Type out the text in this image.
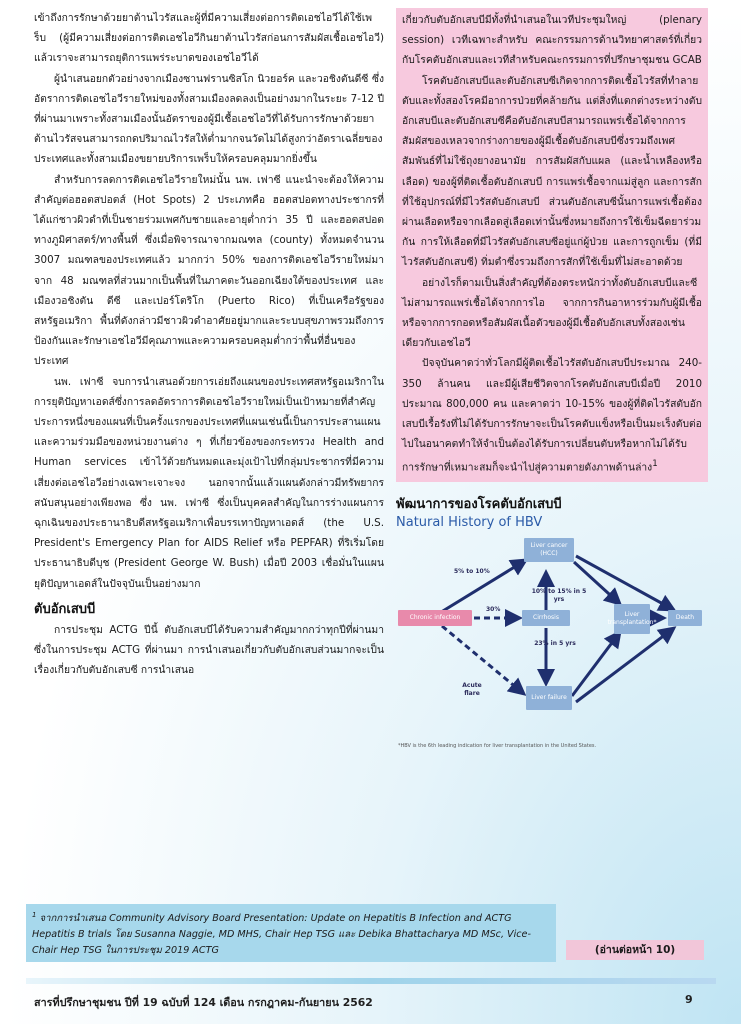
เข้าถึงการรักษาด้วยยาต้านไวรัสและผู้ที่มีความเสี่ยงต่อการติดเอชไอวีได้ใช้เพร็บ (ผู้มีความเสี่ยงต่อการติดเอชไอวีกินยาต้านไวรัสก่อนการสัมผัสเชื้อเอชไอวี) แล้วเราจะสามารถยุติการแพร่ระบาดของเอชไอวีได้

ผู้นำเสนอยกตัวอย่างจากเมืองซานฟรานซิสโก นิวยอร์ค และวอชิงตันดีซี ซึ่งอัตราการติดเอชไอวีรายใหม่ของทั้งสามเมืองลดลงเป็นอย่างมากในระยะ 7-12 ปีที่ผ่านมาเพราะทั้งสามเมืองนั้นอัตราของผู้มีเชื้อเอชไอวีที่ได้รับการรักษาด้วยยาต้านไวรัสจนสามารถกดปริมาณไวรัสให้ต่ำมากจนวัดไม่ได้สูงกว่าอัตราเฉลี่ยของประเทศและทั้งสามเมืองขยายบริการเพร็บให้ครอบคลุมมากยิ่งขึ้น

สำหรับการลดการติดเอชไอวีรายใหม่นั้น นพ. เฟาซี แนะนำจะต้องให้ความสำคัญต่อฮอตสปอตส์ (Hot Spots) 2 ประเภทคือ ฮอตสปอตทางประชากรที่ได้แก่ชาวผิวดำที่เป็นชายร่วมเพศกับชายและอายุต่ำกว่า 35 ปี และฮอตสปอตทางภูมิศาสตร์/ทางพื้นที่ ซึ่งเมื่อพิจารณาจากมณฑล (county) ทั้งหมดจำนวน 3007 มณฑลของประเทศแล้ว มากกว่า 50% ของการติดเอชไอวีรายใหม่มาจาก 48 มณฑลที่ส่วนมากเป็นพื้นที่ในภาคตะวันออกเฉียงใต้ของประเทศ และเมืองวอชิงตัน ดีซี และเปอร์โตริโก (Puerto Rico) ที่เป็นเครือรัฐของสหรัฐอเมริกา พื้นที่ดังกล่าวมีชาวผิวดำอาศัยอยู่มากและระบบสุขภาพรวมถึงการป้องกันและรักษาเอชไอวีมีคุณภาพและความครอบคลุมต่ำกว่าพื้นที่อื่นของประเทศ

นพ. เฟาซี จบการนำเสนอด้วยการเอ่ยถึงแผนของประเทศสหรัฐอเมริกาในการยุติปัญหาเอดส์ซึ่งการลดอัตราการติดเอชไอวีรายใหม่เป็นเป้าหมายที่สำคัญประการหนึ่งของแผนที่เป็นครั้งแรกของประเทศที่แผนเช่นนี้เป็นการประสานแผนและความร่วมมือของหน่วยงานต่าง ๆ ที่เกี่ยวข้องของกระทรวง Health and Human services เข้าไว้ด้วยกันหมดและมุ่งเป้าไปที่กลุ่มประชากรที่มีความเสี่ยงต่อเอชไอวีอย่างเฉพาะเจาะจง นอกจากนั้นแล้วแผนดังกล่าวมีทรัพยากรสนับสนุนอย่างเพียงพอ ซึ่ง นพ. เฟาซี ซึ่งเป็นบุคคลสำคัญในการร่างแผนการฉุกเฉินของประธานาธิบดีสหรัฐอเมริกาเพื่อบรรเทาปัญหาเอดส์ (the U.S. President's Emergency Plan for AIDS Relief หรือ PEPFAR) ที่ริเริ่มโดยประธานาธิบดีบุช (President George W. Bush) เมื่อปี 2003 เชื่อมั่นในแผนยุติปัญหาเอดส์ในปัจจุบันเป็นอย่างมาก

ตับอักเสบบี

การประชุม ACTG ปีนี้ ตับอักเสบบีได้รับความสำคัญมากกว่าทุกปีที่ผ่านมา ซึ่งในการประชุม ACTG ที่ผ่านมา การนำเสนอเกี่ยวกับตับอักเสบส่วนมากจะเป็นเรื่องเกี่ยวกับตับอักเสบซี การนำเสนอ

เกี่ยวกับตับอักเสบบีมีทั้งที่นำเสนอในเวทีประชุมใหญ่ (plenary session) เวทีเฉพาะสำหรับ คณะกรรมการด้านวิทยาศาสตร์ที่เกี่ยวกับโรคตับอักเสบและเวทีสำหรับคณะกรรมการที่ปรึกษาชุมชน GCAB

โรคตับอักเสบบีและตับอักเสบซีเกิดจากการติดเชื้อไวรัสที่ทำลายตับและทั้งสองโรคมีอาการป่วยที่คล้ายกัน แต่สิ่งที่แตกต่างระหว่างตับอักเสบบีและตับอักเสบซีคือตับอักเสบบีสามารถแพร่เชื้อได้จากการสัมผัสของเหลวจากร่างกายของผู้มีเชื้อตับอักเสบบีซึ่งรวมถึงเพศสัมพันธ์ที่ไม่ใช้ถุงยางอนามัย การสัมผัสกับแผล (และน้ำเหลืองหรือเลือด) ของผู้ที่ติดเชื้อตับอักเสบบี การแพร่เชื้อจากแม่สู่ลูก และการสักที่ใช้อุปกรณ์ที่มีไวรัสตับอักเสบบี ส่วนตับอักเสบซีนั้นการแพร่เชื้อต้องผ่านเลือดหรือจากเลือดสู่เลือดเท่านั้นซึ่งหมายถึงการใช้เข็มฉีดยาร่วมกัน การให้เลือดที่มีไวรัสตับอักเสบซีอยู่แก่ผู้ป่วย และการถูกเข็ม (ที่มีไวรัสตับอักเสบซี) ทิ่มตำซึ่งรวมถึงการสักที่ใช้เข็มที่ไม่สะอาดด้วย

อย่างไรก็ตามเป็นสิ่งสำคัญที่ต้องตระหนักว่าทั้งตับอักเสบบีและซีไม่สามารถแพร่เชื้อได้จากการไอ จากการกินอาหารร่วมกับผู้มีเชื้อ หรือจากการกอดหรือสัมผัสเนื้อตัวของผู้มีเชื้อตับอักเสบทั้งสองเช่นเดียวกับเอชไอวี

ปัจจุบันคาดว่าทั่วโลกมีผู้ติดเชื้อไวรัสตับอักเสบบีประมาณ 240-350 ล้านคน และมีผู้เสียชีวิตจากโรคตับอักเสบบีเมื่อปี 2010 ประมาณ 800,000 คน และคาดว่า 10-15% ของผู้ที่ติดไวรัสตับอักเสบบีเรื้อรังที่ไม่ได้รับการรักษาจะเป็นโรคตับแข็งหรือเป็นมะเร็งตับต่อไปในอนาคตทำให้จำเป็นต้องได้รับการเปลี่ยนตับหรือหากไม่ได้รับการรักษาที่เหมาะสมก็จะนำไปสู่ความตายดังภาพด้านล่าง$^1$

พัฒนาการของโรคตับอักเสบบี
Natural History of HBV
Liver cancer (HCC)
Chronic infection	Cirrhosis	Liver transplantation*
Death
Liver failure
5% to 10%
30%
10% to 15% in 5 yrs
23% in 5 yrs
Acute flare
*HBV is the 6th leading indication for liver transplantation in the United States.
$^1$ จากการนำเสนอ Community Advisory Board Presentation: Update on Hepatitis B Infection and ACTG Hepatitis B trials โดย Susanna Naggie, MD MHS, Chair Hep TSG และ Debika Bhattacharya MD MSc, Vice-Chair Hep TSG ในการประชุม 2019 ACTG	(อ่านต่อหน้า 10)
สารที่ปรึกษาชุมชน ปีที่ 19 ฉบับที่ 124 เดือน กรกฎาคม-กันยายน 2562	9
